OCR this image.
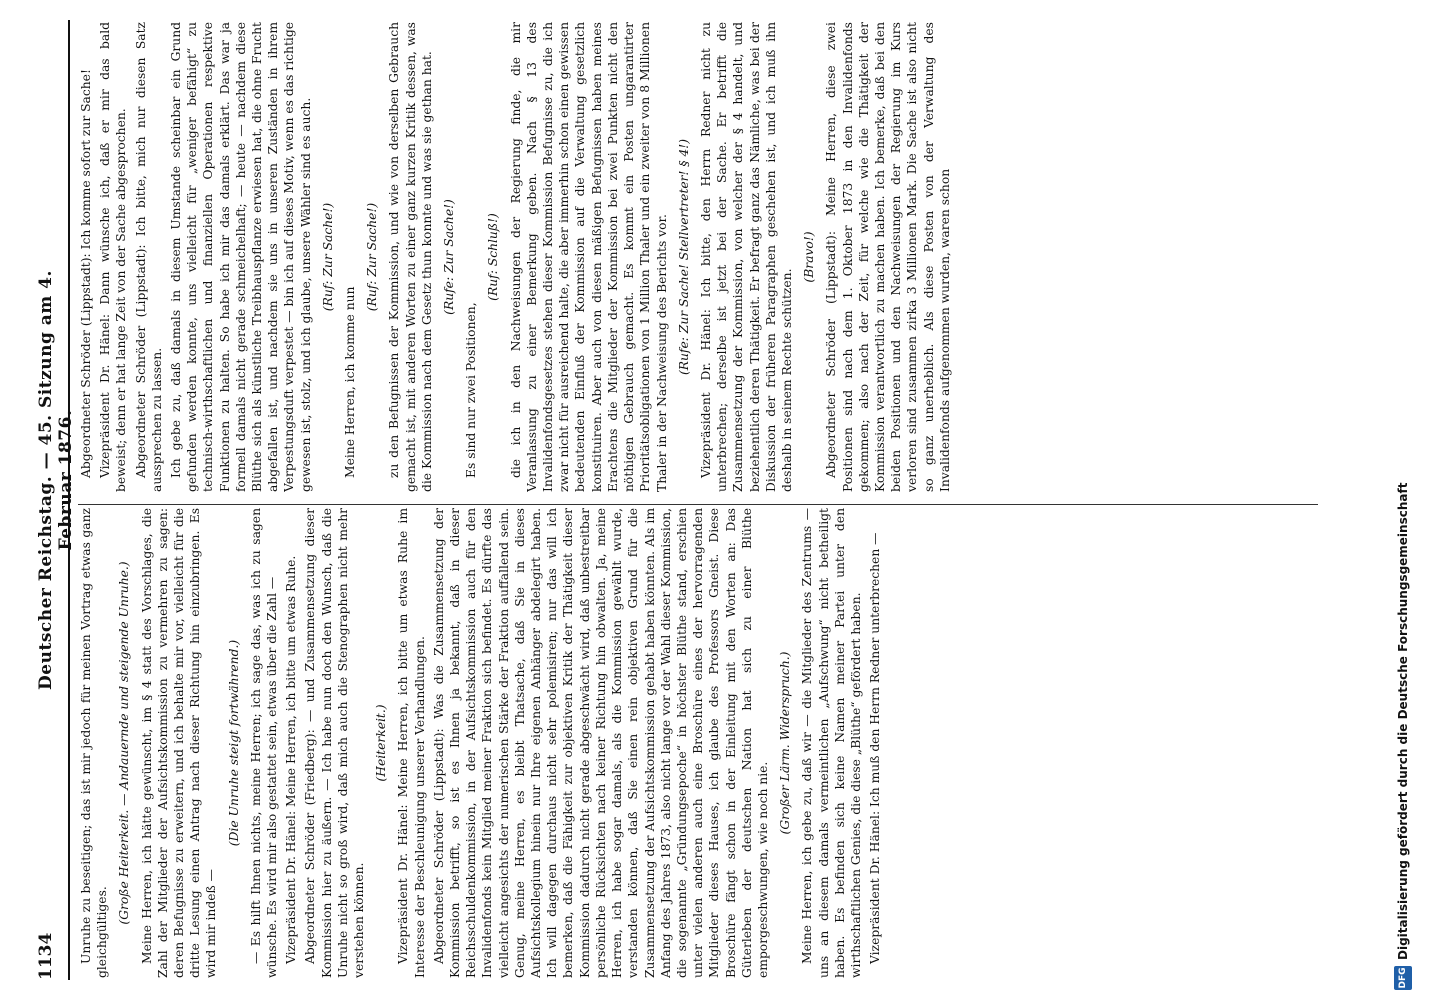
1134
Deutscher Reichstag. — 45. Sitzung am 4. Februar 1876.

Unruhe zu beseitigen; das ist mir jedoch für meinen Vortrag etwas ganz gleichgültiges.

(Große Heiterkeit. — Andauernde und steigende Unruhe.) Meine Herren, ich hätte gewünscht, im § 4 statt des Vorschlages, die Zahl der Mitglieder der Aufsichtskommission zu vermehren zu sagen: deren Befugnisse zu erweitern, und ich behalte mir vor, vielleicht für die dritte Lesung einen Antrag nach dieser Richtung hin einzubringen. Es wird mir indeß —

(Die Unruhe steigt fortwährend.) — Es hilft Ihnen nichts, meine Herren; ich sage das, was ich zu sagen wünsche. Es wird mir also gestattet sein, etwas über die Zahl — Vizepräsident Dr. Hänel: Meine Herren, ich bitte um etwas Ruhe. Abgeordneter Schröder (Friedberg): — und Zusammensetzung dieser Kommission hier zu äußern. — Ich habe nun doch den Wunsch, daß die Unruhe nicht so groß wird, daß mich auch die Stenographen nicht mehr verstehen können.

(Heiterkeit.) Vizepräsident Dr. Hänel: Meine Herren, ich bitte um etwas Ruhe im Interesse der Beschleunigung unserer Verhandlungen. Abgeordneter Schröder (Lippstadt): Was die Zusammensetzung der Kommission betrifft, so ist es Ihnen ja bekannt, daß in dieser Reichsschuldenkommission, in der Aufsichtskommission auch für den Invalidenfonds kein Mitglied meiner Fraktion sich befindet. Es dürfte das vielleicht angesichts der numerischen Stärke der Fraktion auffallend sein. Genug, meine Herren, es bleibt Thatsache, daß Sie in dieses Aufsichtskollegium hinein nur Ihre eigenen Anhänger abdelegirt haben. Ich will dagegen durchaus nicht sehr polemisiren; nur das will ich bemerken, daß die Fähigkeit zur objektiven Kritik der Thätigkeit dieser Kommission dadurch nicht gerade abgeschwächt wird, daß unbestreitbar persönliche Rücksichten nach keiner Richtung hin obwalten. Ja, meine Herren, ich habe sogar damals, als die Kommission gewählt wurde, verstanden können, daß Sie einen rein objektiven Grund für die Zusammensetzung der Aufsichtskommission gehabt haben könnten. Als im Anfang des Jahres 1873, also nicht lange vor der Wahl dieser Kommission, die sogenannte „Gründungsepoche“ in höchster Blüthe stand, erschien unter vielen anderen auch eine Broschüre eines der hervorragenden Mitglieder dieses Hauses, ich glaube des Professors Gneist. Diese Broschüre fängt schon in der Einleitung mit den Worten an: Das Güterleben der deutschen Nation hat sich zu einer Blüthe emporgeschwungen, wie noch nie.

(Großer Lärm. Widerspruch.) Meine Herren, ich gebe zu, daß wir — die Mitglieder des Zentrums — uns an diesem damals vermeintlichen „Aufschwung“ nicht betheiligt haben. Es befinden sich keine Namen meiner Partei unter den wirthschaftlichen Genies, die diese „Blüthe“ gefördert haben. Vizepräsident Dr. Hänel: Ich muß den Herrn Redner unterbrechen —

Abgeordneter Schröder (Lippstadt): Ich komme sofort zur Sache! Vizepräsident Dr. Hänel: Dann wünsche ich, daß er mir das bald beweist; denn er hat lange Zeit von der Sache abgesprochen. Abgeordneter Schröder (Lippstadt): Ich bitte, mich nur diesen Satz aussprechen zu lassen. Ich gebe zu, daß damals in diesem Umstande scheinbar ein Grund gefunden werden konnte, uns vielleicht für „weniger befähigt“ zu technisch-wirthschaftlichen und finanziellen Operationen respektive Funktionen zu halten. So habe ich mir das damals erklärt. Das war ja formell damals nicht gerade schmeichelhaft; — heute — nachdem diese Blüthe sich als künstliche Treibhauspflanze erwiesen hat, die ohne Frucht abgefallen ist, und nachdem sie uns in unseren Zuständen in ihrem Verpestungsduft verpestet — bin ich auf dieses Motiv, wenn es das richtige gewesen ist, stolz, und ich glaube, unsere Wähler sind es auch. (Ruf: Zur Sache!)

Meine Herren, ich komme nun

(Ruf: Zur Sache!) zu den Befugnissen der Kommission, und wie von derselben Gebrauch gemacht ist, mit anderen Worten zu einer ganz kurzen Kritik dessen, was die Kommission nach dem Gesetz thun konnte und was sie gethan hat. (Rufe: Zur Sache!)

Es sind nur zwei Positionen,

(Ruf: Schluß!) die ich in den Nachweisungen der Regierung finde, die mir Veranlassung zu einer Bemerkung geben. Nach § 13 des Invalidenfondsgesetzes stehen dieser Kommission Befugnisse zu, die ich zwar nicht für ausreichend halte, die aber immerhin schon einen gewissen bedeutenden Einfluß der Kommission auf die Verwaltung gesetzlich konstituiren. Aber auch von diesen mäßigen Befugnissen haben meines Erachtens die Mitglieder der Kommission bei zwei Punkten nicht den nöthigen Gebrauch gemacht. Es kommt ein Posten ungarantirter Prioritätsobligationen von 1 Million Thaler und ein zweiter von 8 Millionen Thaler in der Nachweisung des Berichts vor. (Rufe: Zur Sache! Stellvertreter! § 4!) Vizepräsident Dr. Hänel: Ich bitte, den Herrn Redner nicht zu unterbrechen; derselbe ist jetzt bei der Sache. Er betrifft die Zusammensetzung der Kommission, von welcher der § 4 handelt, und beziehentlich deren Thätigkeit. Er befragt ganz das Nämliche, was bei der Diskussion der früheren Paragraphen geschehen ist, und ich muß ihn deshalb in seinem Rechte schützen.

(Bravo!) Abgeordneter Schröder (Lippstadt): Meine Herren, diese zwei Positionen sind nach dem 1. Oktober 1873 in den Invalidenfonds gekommen; also nach der Zeit, für welche wie die Thätigkeit der Kommission verantwortlich zu machen haben. Ich bemerke, daß bei den beiden Positionen und den Nachweisungen der Regierung im Kurs verloren sind zusammen zirka 3 Millionen Mark. Die Sache ist also nicht so ganz unerheblich. Als diese Posten von der Verwaltung des Invalidenfonds aufgenommen wurden, waren schon

DFG
Digitalisierung gefördert durch die Deutsche Forschungsgemeinschaft
